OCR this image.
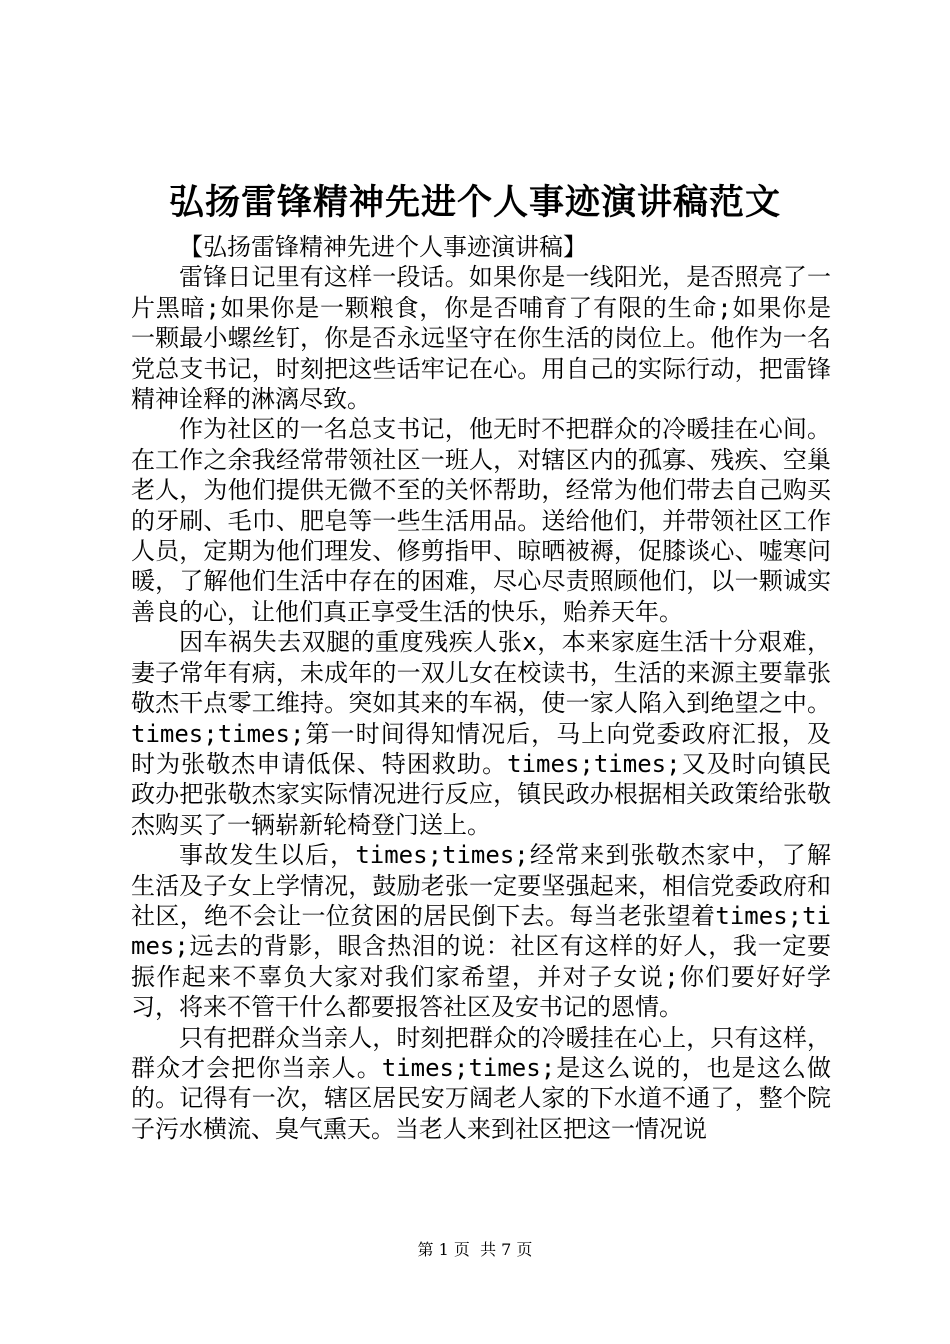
弘扬雷锋精神先进个人事迹演讲稿范文

【弘扬雷锋精神先进个人事迹演讲稿】

雷锋日记里有这样一段话。如果你是一线阳光，是否照亮了一片黑暗;如果你是一颗粮食，你是否哺育了有限的生命;如果你是一颗最小螺丝钉，你是否永远坚守在你生活的岗位上。他作为一名党总支书记，时刻把这些话牢记在心。用自己的实际行动，把雷锋精神诠释的淋漓尽致。

作为社区的一名总支书记，他无时不把群众的冷暖挂在心间。在工作之余我经常带领社区一班人，对辖区内的孤寡、残疾、空巢老人，为他们提供无微不至的关怀帮助，经常为他们带去自己购买的牙刷、毛巾、肥皂等一些生活用品。送给他们，并带领社区工作人员，定期为他们理发、修剪指甲、晾晒被褥，促膝谈心、嘘寒问暖，了解他们生活中存在的困难，尽心尽责照顾他们，以一颗诚实善良的心，让他们真正享受生活的快乐，贻养天年。

因车祸失去双腿的重度残疾人张x，本来家庭生活十分艰难，妻子常年有病，未成年的一双儿女在校读书，生活的来源主要靠张敬杰干点零工维持。突如其来的车祸，使一家人陷入到绝望之中。times;times;第一时间得知情况后，马上向党委政府汇报，及时为张敬杰申请低保、特困救助。times;times;又及时向镇民政办把张敬杰家实际情况进行反应，镇民政办根据相关政策给张敬杰购买了一辆崭新轮椅登门送上。

事故发生以后，times;times;经常来到张敬杰家中，了解生活及子女上学情况，鼓励老张一定要坚强起来，相信党委政府和社区，绝不会让一位贫困的居民倒下去。每当老张望着times;times;远去的背影，眼含热泪的说：社区有这样的好人，我一定要振作起来不辜负大家对我们家希望，并对子女说;你们要好好学习，将来不管干什么都要报答社区及安书记的恩情。

只有把群众当亲人，时刻把群众的冷暖挂在心上，只有这样，群众才会把你当亲人。times;times;是这么说的，也是这么做的。记得有一次，辖区居民安万阔老人家的下水道不通了，整个院子污水横流、臭气熏天。当老人来到社区把这一情况说

第 1 页  共 7 页
